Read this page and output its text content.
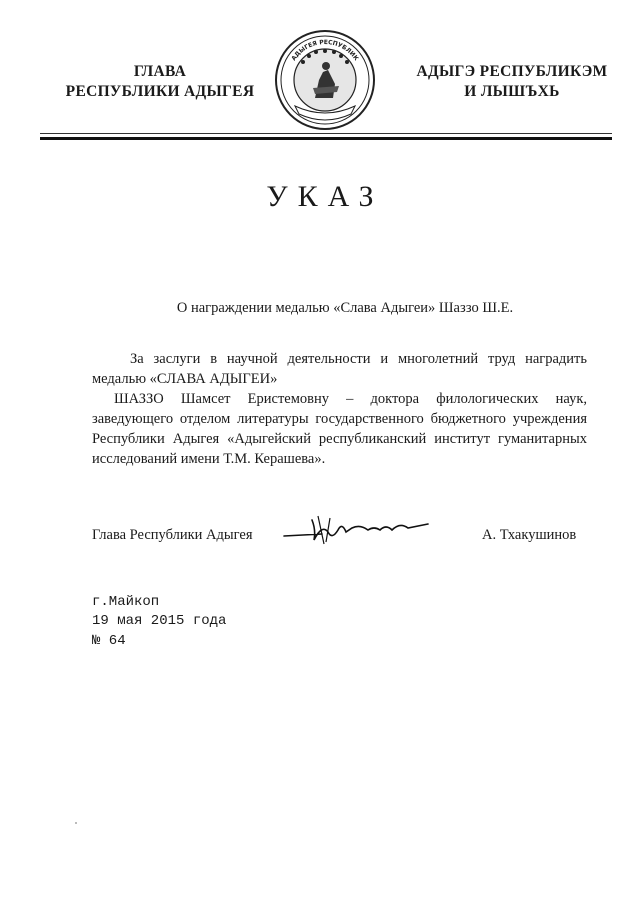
ГЛАВА
РЕСПУБЛИКИ АДЫГЕЯ
АДЫГЕЯ РЕСПУБЛИК
АДЫГЭ РЕСПУБЛИКЭМ
И ЛЫШЪХЬ
УКАЗ
О награждении медалью «Слава Адыгеи» Шаззо Ш.Е.

За заслуги в научной деятельности и многолетний труд наградить медалью «СЛАВА АДЫГЕИ»

ШАЗЗО Шамсет Еристемовну – доктора филологических наук, заведующего отделом литературы государственного бюджетного учреждения Республики Адыгея «Адыгейский республиканский институт гуманитарных исследований имени Т.М. Керашева».

Глава Республики Адыгея	А. Тхакушинов
г.Майкоп
19 мая 2015 года
№ 64
